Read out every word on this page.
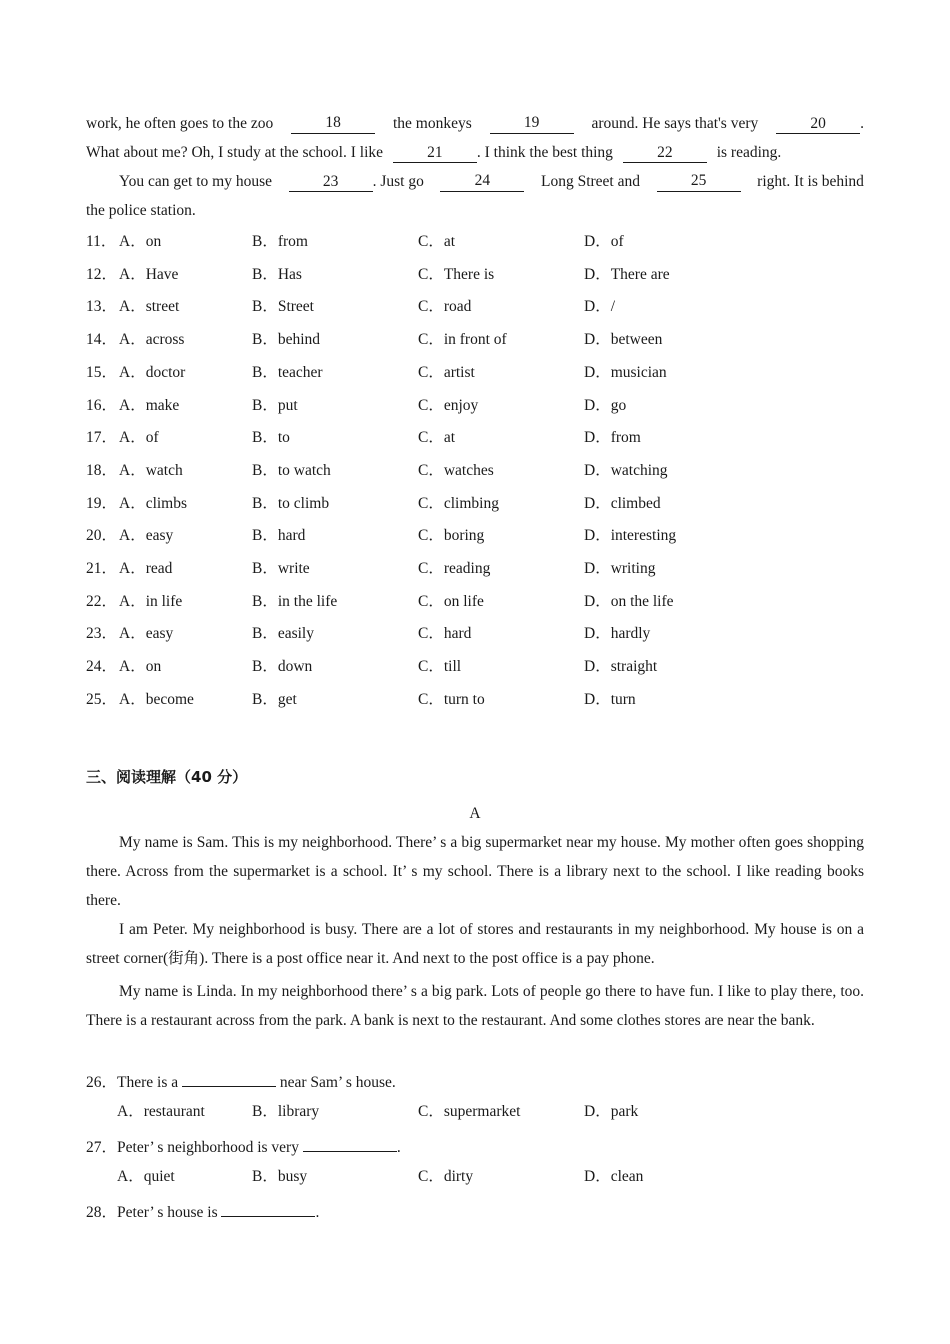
work, he often goes to the zoo	18	the monkeys	19	around. He says that's very	20 .
What about me? Oh, I study at the school. I like	21 . I think the best thing	22	is reading.
You can get to my house	23 . Just go	24	Long Street and	25	right. It is behind
the police station.
11． A．on	B．from	C．at	D．of
12． A．Have	B．Has	C．There is	D．There are
13． A．street	B．Street	C．road	D．/
14． A．across	B．behind	C．in front of	D．between
15． A．doctor	B．teacher	C．artist	D．musician
16． A．make	B．put	C．enjoy	D．go
17． A．of	B．to	C．at	D．from
18． A．watch	B．to watch	C．watches	D．watching
19． A．climbs	B．to climb	C．climbing	D．climbed
20． A．easy	B．hard	C．boring	D．interesting
21． A．read	B．write	C．reading	D．writing
22． A．in life	B．in the life	C．on life	D．on the life
23． A．easy	B．easily	C．hard	D．hardly
24． A．on	B．down	C．till	D．straight
25． A．become	B．get	C．turn to	D．turn
三、阅读理解（40 分）
A
My name is Sam. This is my neighborhood. There’ s a big supermarket near my house. My mother often goes shopping there. Across from the supermarket is a school. It’ s my school. There is a library next to the school. I like reading books there.
I am Peter. My neighborhood is busy. There are a lot of stores and restaurants in my neighborhood. My house is on a street corner(街角). There is a post office near it. And next to the post office is a pay phone.
My name is Linda. In my neighborhood there’ s a big park. Lots of people go there to have fun. I like to play there, too. There is a restaurant across from the park. A bank is next to the restaurant. And some clothes stores are near the bank.
26．There is a	near Sam’ s house.
A．restaurant	B．library	C．supermarket	D．park
27．Peter’ s neighborhood is very	.
A．quiet	B．busy	C．dirty	D．clean
28．Peter’ s house is	.
